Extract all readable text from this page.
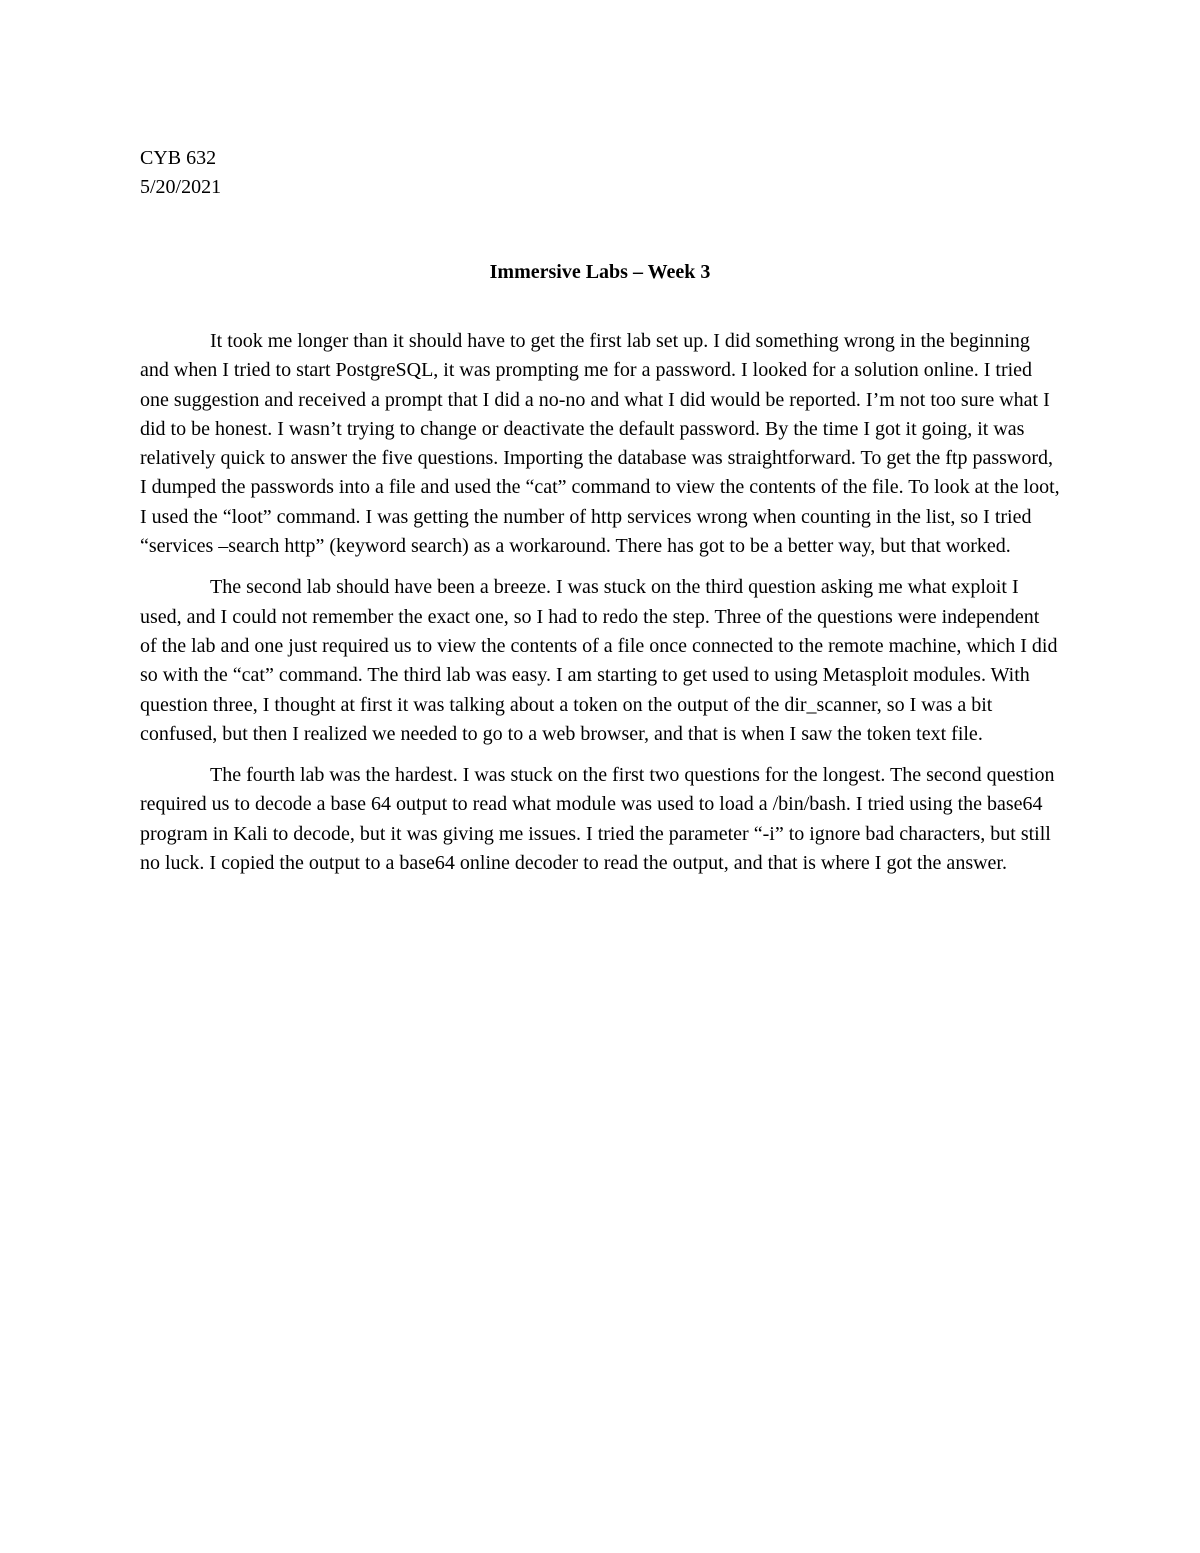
CYB 632

5/20/2021

Immersive Labs – Week 3

It took me longer than it should have to get the first lab set up. I did something wrong in the beginning and when I tried to start PostgreSQL, it was prompting me for a password. I looked for a solution online. I tried one suggestion and received a prompt that I did a no-no and what I did would be reported. I’m not too sure what I did to be honest. I wasn’t trying to change or deactivate the default password. By the time I got it going, it was relatively quick to answer the five questions. Importing the database was straightforward. To get the ftp password, I dumped the passwords into a file and used the “cat” command to view the contents of the file. To look at the loot, I used the “loot” command. I was getting the number of http services wrong when counting in the list, so I tried “services –search http” (keyword search) as a workaround. There has got to be a better way, but that worked.

The second lab should have been a breeze. I was stuck on the third question asking me what exploit I used, and I could not remember the exact one, so I had to redo the step. Three of the questions were independent of the lab and one just required us to view the contents of a file once connected to the remote machine, which I did so with the “cat” command. The third lab was easy. I am starting to get used to using Metasploit modules. With question three, I thought at first it was talking about a token on the output of the dir_scanner, so I was a bit confused, but then I realized we needed to go to a web browser, and that is when I saw the token text file.

The fourth lab was the hardest. I was stuck on the first two questions for the longest. The second question required us to decode a base 64 output to read what module was used to load a /bin/bash. I tried using the base64 program in Kali to decode, but it was giving me issues. I tried the parameter “-i” to ignore bad characters, but still no luck. I copied the output to a base64 online decoder to read the output, and that is where I got the answer.
